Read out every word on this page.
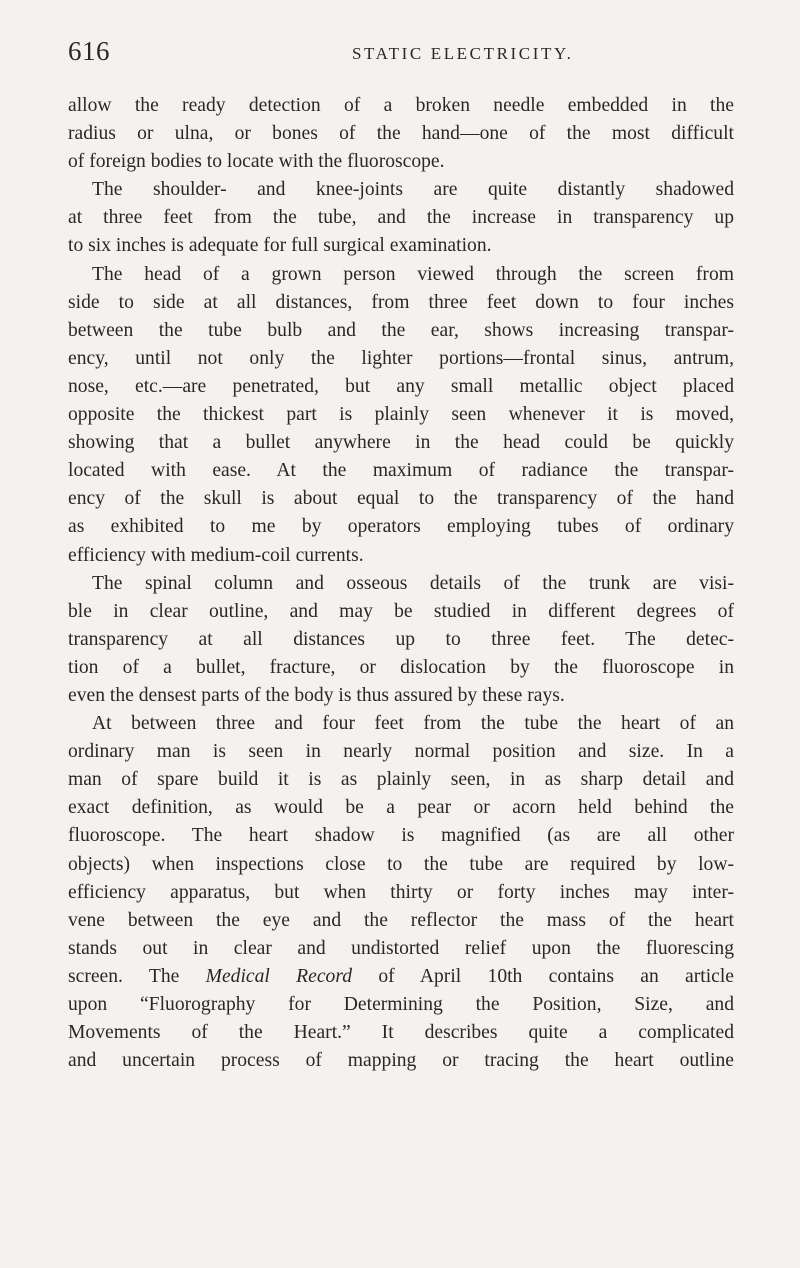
616	STATIC ELECTRICITY.
allow the ready detection of a broken needle embedded in the
radius or ulna, or bones of the hand—one of the most difficult
of foreign bodies to locate with the fluoroscope.
The shoulder- and knee-joints are quite distantly shadowed
at three feet from the tube, and the increase in transparency up
to six inches is adequate for full surgical examination.
The head of a grown person viewed through the screen from
side to side at all distances, from three feet down to four inches
between the tube bulb and the ear, shows increasing transpar-
ency, until not only the lighter portions—frontal sinus, antrum,
nose, etc.—are penetrated, but any small metallic object placed
opposite the thickest part is plainly seen whenever it is moved,
showing that a bullet anywhere in the head could be quickly
located with ease. At the maximum of radiance the transpar-
ency of the skull is about equal to the transparency of the hand
as exhibited to me by operators employing tubes of ordinary
efficiency with medium-coil currents.
The spinal column and osseous details of the trunk are visi-
ble in clear outline, and may be studied in different degrees of
transparency at all distances up to three feet. The detec-
tion of a bullet, fracture, or dislocation by the fluoroscope in
even the densest parts of the body is thus assured by these rays.
At between three and four feet from the tube the heart of an
ordinary man is seen in nearly normal position and size. In a
man of spare build it is as plainly seen, in as sharp detail and
exact definition, as would be a pear or acorn held behind the
fluoroscope. The heart shadow is magnified (as are all other
objects) when inspections close to the tube are required by low-
efficiency apparatus, but when thirty or forty inches may inter-
vene between the eye and the reflector the mass of the heart
stands out in clear and undistorted relief upon the fluorescing
screen. The Medical Record of April 10th contains an article
upon “Fluorography for Determining the Position, Size, and
Movements of the Heart.” It describes quite a complicated
and uncertain process of mapping or tracing the heart outline
